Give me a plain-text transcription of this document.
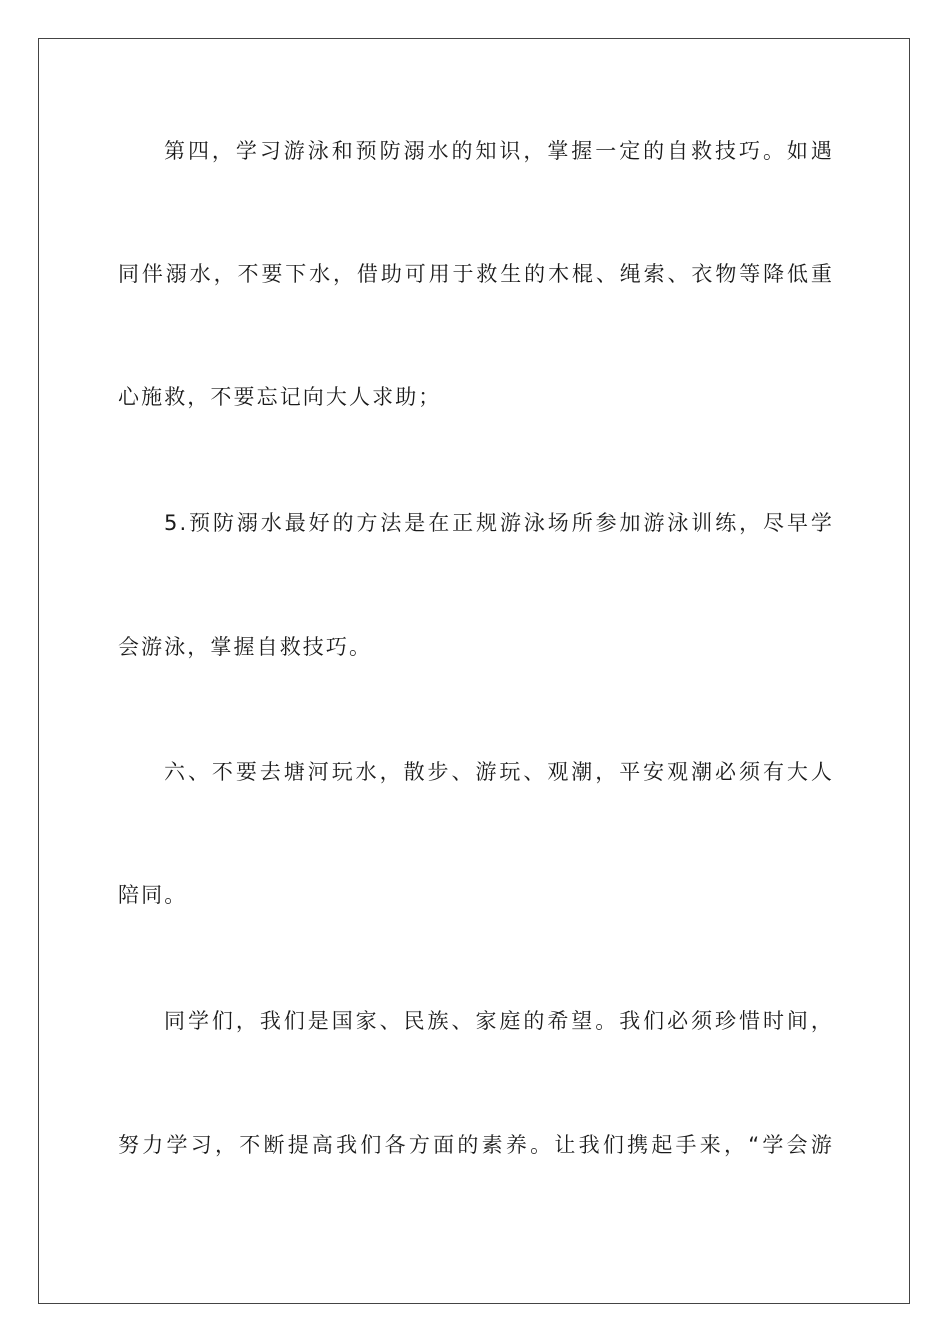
第四，学习游泳和预防溺水的知识，掌握一定的自救技巧。如遇
同伴溺水，不要下水，借助可用于救生的木棍、绳索、衣物等降低重
心施救，不要忘记向大人求助；
5.预防溺水最好的方法是在正规游泳场所参加游泳训练，尽早学
会游泳，掌握自救技巧。
六、不要去塘河玩水，散步、游玩、观潮，平安观潮必须有大人
陪同。
同学们，我们是国家、民族、家庭的希望。我们必须珍惜时间，
努力学习，不断提高我们各方面的素养。让我们携起手来，“学会游
